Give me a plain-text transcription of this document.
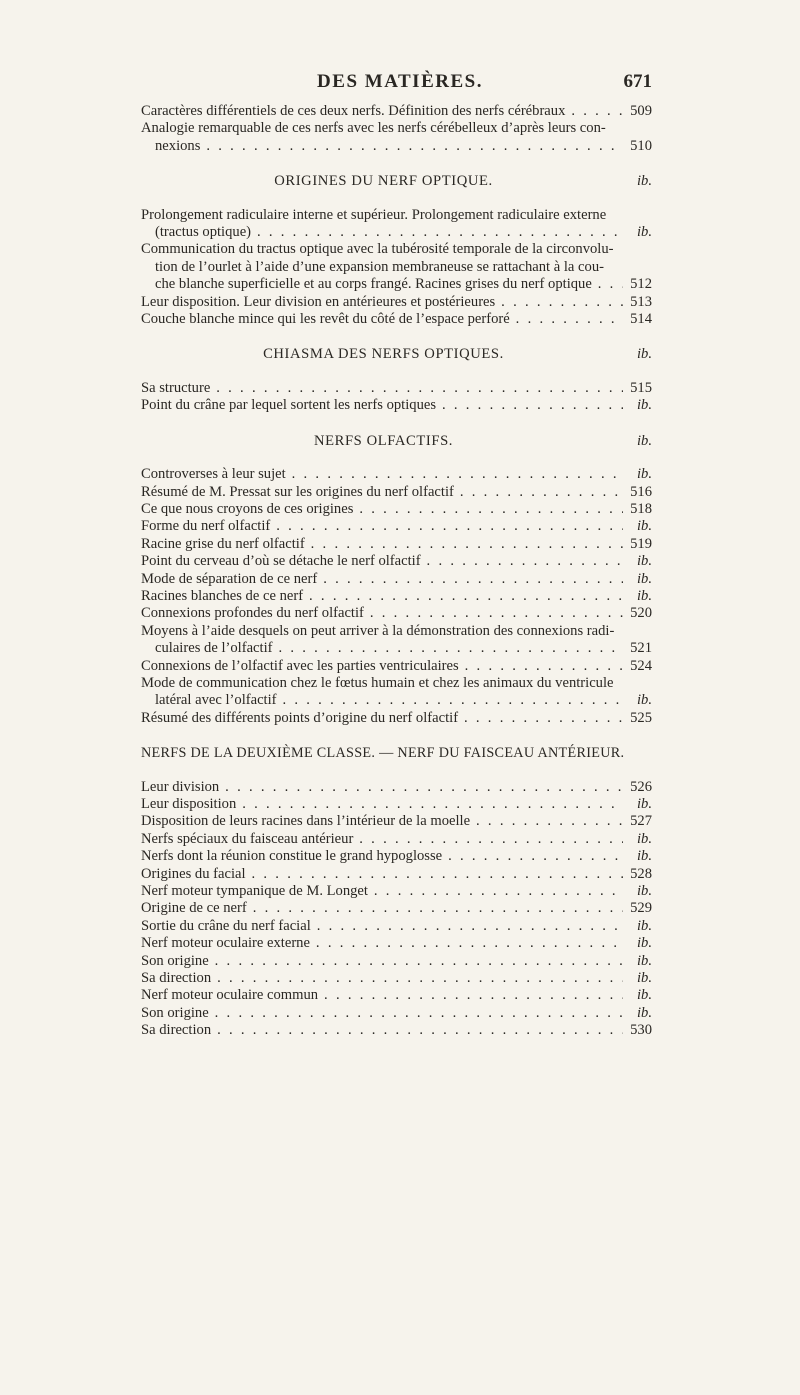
DES MATIÈRES.	671
Caractères différentiels de ces deux nerfs. Définition des nerfs cérébraux . . .	509
Analogie remarquable de ces nerfs avec les nerfs cérébelleux d’après leurs con-
nexions . . .	510
ORIGINES DU NERF OPTIQUE.	ib.
Prolongement radiculaire interne et supérieur. Prolongement radiculaire externe
(tractus optique) . . .	ib.
Communication du tractus optique avec la tubérosité temporale de la circonvolu-
tion de l’ourlet à l’aide d’une expansion membraneuse se rattachant à la cou-
che blanche superficielle et au corps frangé. Racines grises du nerf optique . . .	512
Leur disposition. Leur division en antérieures et postérieures . . .	513
Couche blanche mince qui les revêt du côté de l’espace perforé . . .	514
CHIASMA DES NERFS OPTIQUES.	ib.
Sa structure . . .	515
Point du crâne par lequel sortent les nerfs optiques . . .	ib.
NERFS OLFACTIFS.	ib.
Controverses à leur sujet . . .	ib.
Résumé de M. Pressat sur les origines du nerf olfactif . . .	516
Ce que nous croyons de ces origines . . .	518
Forme du nerf olfactif . . .	ib.
Racine grise du nerf olfactif . . .	519
Point du cerveau d’où se détache le nerf olfactif . . .	ib.
Mode de séparation de ce nerf . . .	ib.
Racines blanches de ce nerf . . .	ib.
Connexions profondes du nerf olfactif . . .	520
Moyens à l’aide desquels on peut arriver à la démonstration des connexions radi-
culaires de l’olfactif . . .	521
Connexions de l’olfactif avec les parties ventriculaires . . .	524
Mode de communication chez le fœtus humain et chez les animaux du ventricule
latéral avec l’olfactif . . .	ib.
Résumé des différents points d’origine du nerf olfactif . . .	525
NERFS DE LA DEUXIÈME CLASSE. — NERF DU FAISCEAU ANTÉRIEUR.
Leur division . . .	526
Leur disposition . . .	ib.
Disposition de leurs racines dans l’intérieur de la moelle . . .	527
Nerfs spéciaux du faisceau antérieur . . .	ib.
Nerfs dont la réunion constitue le grand hypoglosse . . .	ib.
Origines du facial . . .	528
Nerf moteur tympanique de M. Longet . . .	ib.
Origine de ce nerf . . .	529
Sortie du crâne du nerf facial . . .	ib.
Nerf moteur oculaire externe . . .	ib.
Son origine . . .	ib.
Sa direction . . .	ib.
Nerf moteur oculaire commun . . .	ib.
Son origine . . .	ib.
Sa direction . . .	530
